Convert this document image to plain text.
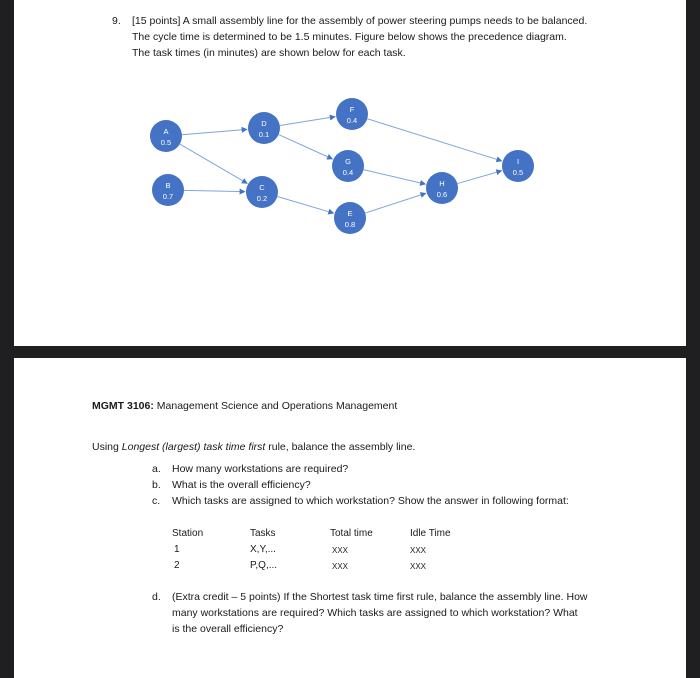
9. [15 points] A small assembly line for the assembly of power steering pumps needs to be balanced.
The cycle time is determined to be 1.5 minutes. Figure below shows the precedence diagram.
The task times (in minutes) are shown below for each task.
A
0.5
B
0.7
D
0.1
C
0.2
F
0.4
G
0.4
E
0.8
H
0.6
I
0.5
MGMT 3106: Management Science and Operations Management
Using Longest (largest) task time first rule, balance the assembly line.
a. How many workstations are required?
b. What is the overall efficiency?
c. Which tasks are assigned to which workstation? Show the answer in following format:
Station	Tasks	Total time	Idle Time
1	X,Y,...	XXX	XXX
2	P,Q,...	XXX	XXX
d. (Extra credit – 5 points) If the Shortest task time first rule, balance the assembly line. How
many workstations are required? Which tasks are assigned to which workstation? What
is the overall efficiency?
